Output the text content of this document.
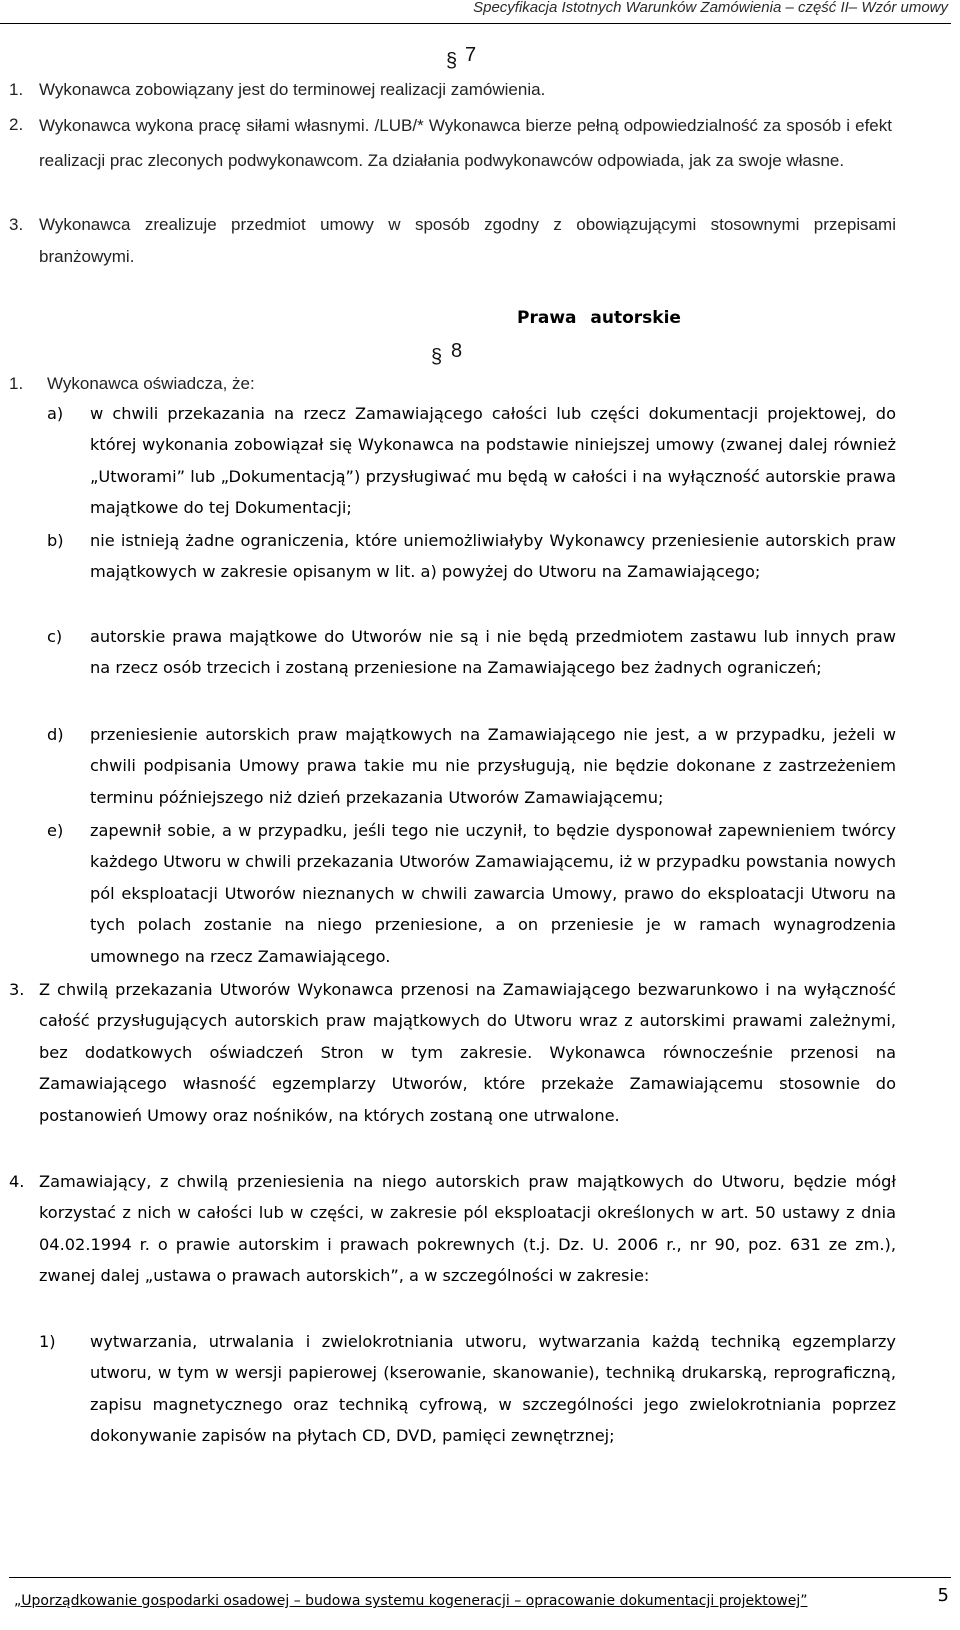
Specyfikacja Istotnych Warunków Zamówienia – część II– Wzór umowy
§ 7
1. Wykonawca zobowiązany jest do terminowej realizacji zamówienia.
2. Wykonawca wykona pracę siłami własnymi. /LUB/* Wykonawca bierze pełną odpowiedzialność za sposób i efekt realizacji prac zleconych podwykonawcom. Za działania podwykonawców odpowiada, jak za swoje własne.
3. Wykonawca zrealizuje przedmiot umowy w sposób zgodny z obowiązującymi stosownymi przepisami branżowymi.
Prawa autorskie
§ 8
1. Wykonawca oświadcza, że:
a) w chwili przekazania na rzecz Zamawiającego całości lub części dokumentacji projektowej, do której wykonania zobowiązał się Wykonawca na podstawie niniejszej umowy (zwanej dalej również „Utworami” lub „Dokumentacją”) przysługiwać mu będą w całości i na wyłączność autorskie prawa majątkowe do tej Dokumentacji;
b) nie istnieją żadne ograniczenia, które uniemożliwiałyby Wykonawcy przeniesienie autorskich praw majątkowych w zakresie opisanym w lit. a) powyżej do Utworu na Zamawiającego;
c) autorskie prawa majątkowe do Utworów nie są i nie będą przedmiotem zastawu lub innych praw na rzecz osób trzecich i zostaną przeniesione na Zamawiającego bez żadnych ograniczeń;
d) przeniesienie autorskich praw majątkowych na Zamawiającego nie jest, a w przypadku, jeżeli w chwili podpisania Umowy prawa takie mu nie przysługują, nie będzie dokonane z zastrzeżeniem terminu późniejszego niż dzień przekazania Utworów Zamawiającemu;
e) zapewnił sobie, a w przypadku, jeśli tego nie uczynił, to będzie dysponował zapewnieniem twórcy każdego Utworu w chwili przekazania Utworów Zamawiającemu, iż w przypadku powstania nowych pól eksploatacji Utworów nieznanych w chwili zawarcia Umowy, prawo do eksploatacji Utworu na tych polach zostanie na niego przeniesione, a on przeniesie je w ramach wynagrodzenia umownego na rzecz Zamawiającego.
3. Z chwilą przekazania Utworów Wykonawca przenosi na Zamawiającego bezwarunkowo i na wyłączność całość przysługujących autorskich praw majątkowych do Utworu wraz z autorskimi prawami zależnymi, bez dodatkowych oświadczeń Stron w tym zakresie. Wykonawca równocześnie przenosi na Zamawiającego własność egzemplarzy Utworów, które przekaże Zamawiającemu stosownie do postanowień Umowy oraz nośników, na których zostaną one utrwalone.
4. Zamawiający, z chwilą przeniesienia na niego autorskich praw majątkowych do Utworu, będzie mógł korzystać z nich w całości lub w części, w zakresie pól eksploatacji określonych w art. 50 ustawy z dnia 04.02.1994 r. o prawie autorskim i prawach pokrewnych (t.j. Dz. U. 2006 r., nr 90, poz. 631 ze zm.), zwanej dalej „ustawa o prawach autorskich”, a w szczególności w zakresie:
1) wytwarzania, utrwalania i zwielokrotniania utworu, wytwarzania każdą techniką egzemplarzy utworu, w tym w wersji papierowej (kserowanie, skanowanie), techniką drukarską, reprograficzną, zapisu magnetycznego oraz techniką cyfrową, w szczególności jego zwielokrotniania poprzez dokonywanie zapisów na płytach CD, DVD, pamięci zewnętrznej;
„Uporządkowanie gospodarki osadowej – budowa systemu kogeneracji – opracowanie dokumentacji projektowej”	5
